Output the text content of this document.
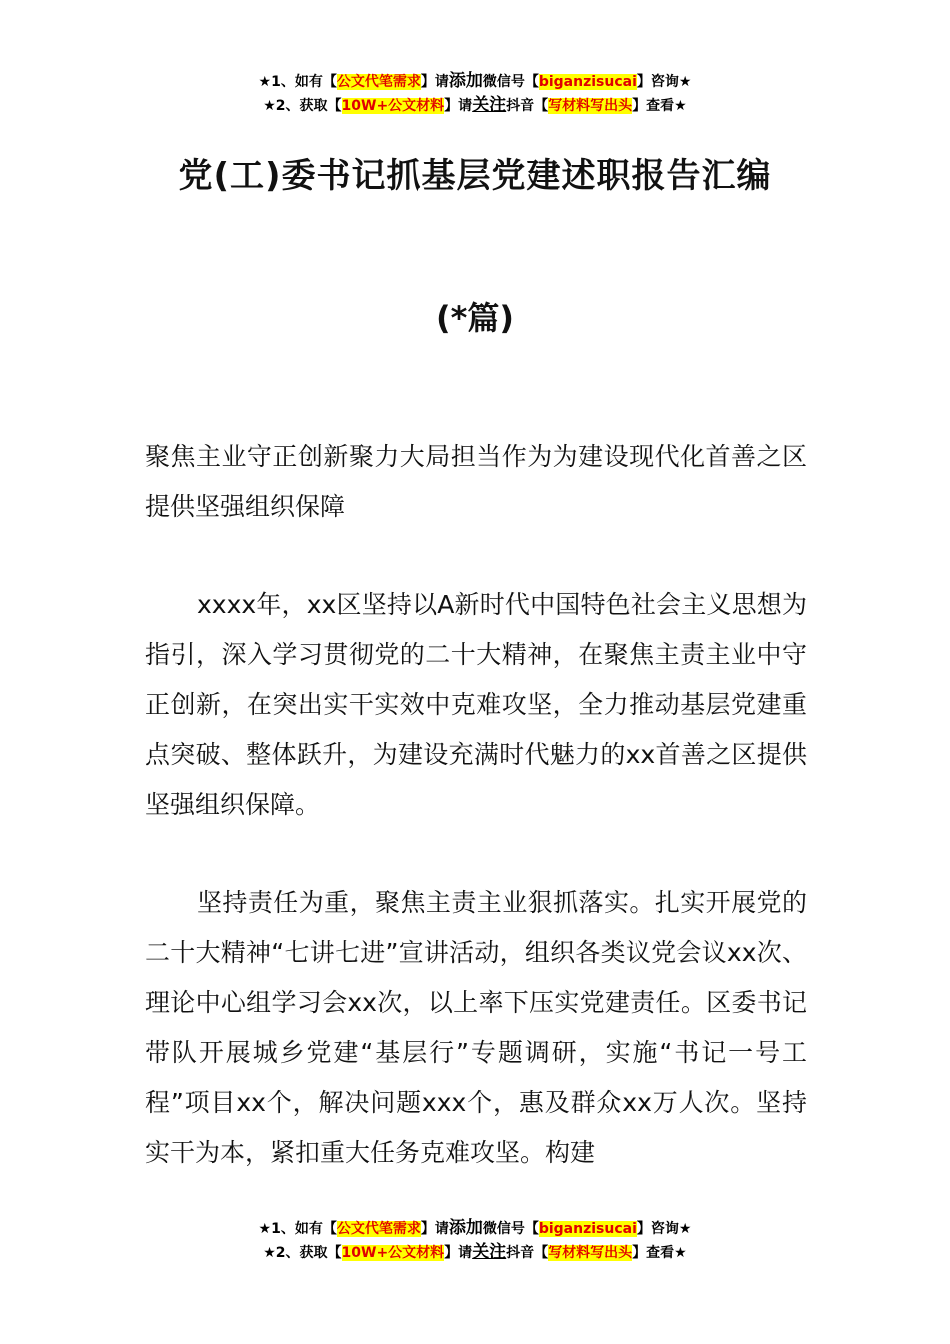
★1、如有【公文代笔需求】请添加微信号【biganzisucai】咨询★
★2、获取【10W+公文材料】请关注抖音【写材料写出头】查看★
党(工)委书记抓基层党建述职报告汇编
(*篇)
聚焦主业守正创新聚力大局担当作为为建设现代化首善之区提供坚强组织保障
xxxx年，xx区坚持以A新时代中国特色社会主义思想为指引，深入学习贯彻党的二十大精神，在聚焦主责主业中守正创新，在突出实干实效中克难攻坚，全力推动基层党建重点突破、整体跃升，为建设充满时代魅力的xx首善之区提供坚强组织保障。
坚持责任为重，聚焦主责主业狠抓落实。扎实开展党的二十大精神“七讲七进”宣讲活动，组织各类议党会议xx次、理论中心组学习会xx次，以上率下压实党建责任。区委书记带队开展城乡党建“基层行”专题调研，实施“书记一号工程”项目xx个，解决问题xxx个，惠及群众xx万人次。坚持实干为本，紧扣重大任务克难攻坚。构建
★1、如有【公文代笔需求】请添加微信号【biganzisucai】咨询★
★2、获取【10W+公文材料】请关注抖音【写材料写出头】查看★
